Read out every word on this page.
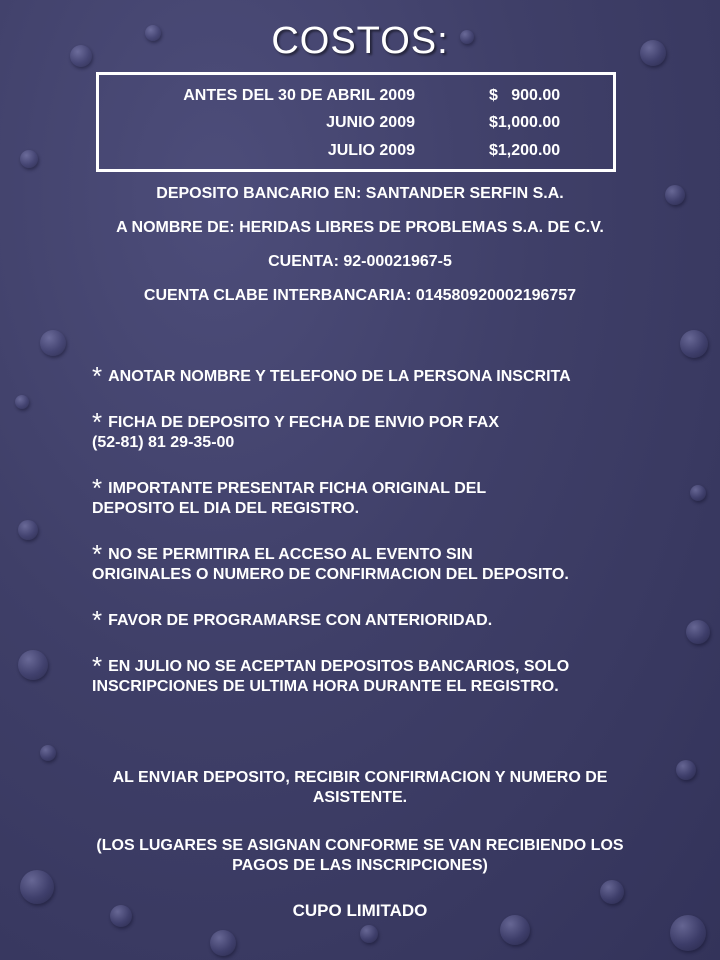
COSTOS:
ANTES DEL 30 DE ABRIL 2009	$   900.00
JUNIO 2009	$1,000.00
JULIO 2009	$1,200.00
DEPOSITO BANCARIO EN: SANTANDER SERFIN S.A.
A NOMBRE DE: HERIDAS LIBRES DE PROBLEMAS S.A. DE C.V.
CUENTA: 92-00021967-5
CUENTA CLABE INTERBANCARIA: 014580920002196757
* ANOTAR NOMBRE Y TELEFONO DE LA PERSONA INSCRITA
* FICHA DE DEPOSITO Y FECHA DE ENVIO POR FAX
(52-81) 81 29-35-00
* IMPORTANTE PRESENTAR FICHA ORIGINAL DEL
DEPOSITO EL DIA DEL REGISTRO.
* NO SE PERMITIRA EL ACCESO AL EVENTO SIN
ORIGINALES O NUMERO DE CONFIRMACION DEL DEPOSITO.
* FAVOR DE PROGRAMARSE CON ANTERIORIDAD.
* EN JULIO NO SE ACEPTAN DEPOSITOS BANCARIOS, SOLO
INSCRIPCIONES DE ULTIMA HORA DURANTE EL REGISTRO.
AL ENVIAR DEPOSITO, RECIBIR CONFIRMACION Y NUMERO DE
ASISTENTE.
(LOS LUGARES SE ASIGNAN CONFORME SE VAN RECIBIENDO LOS
PAGOS DE LAS INSCRIPCIONES)
CUPO LIMITADO
